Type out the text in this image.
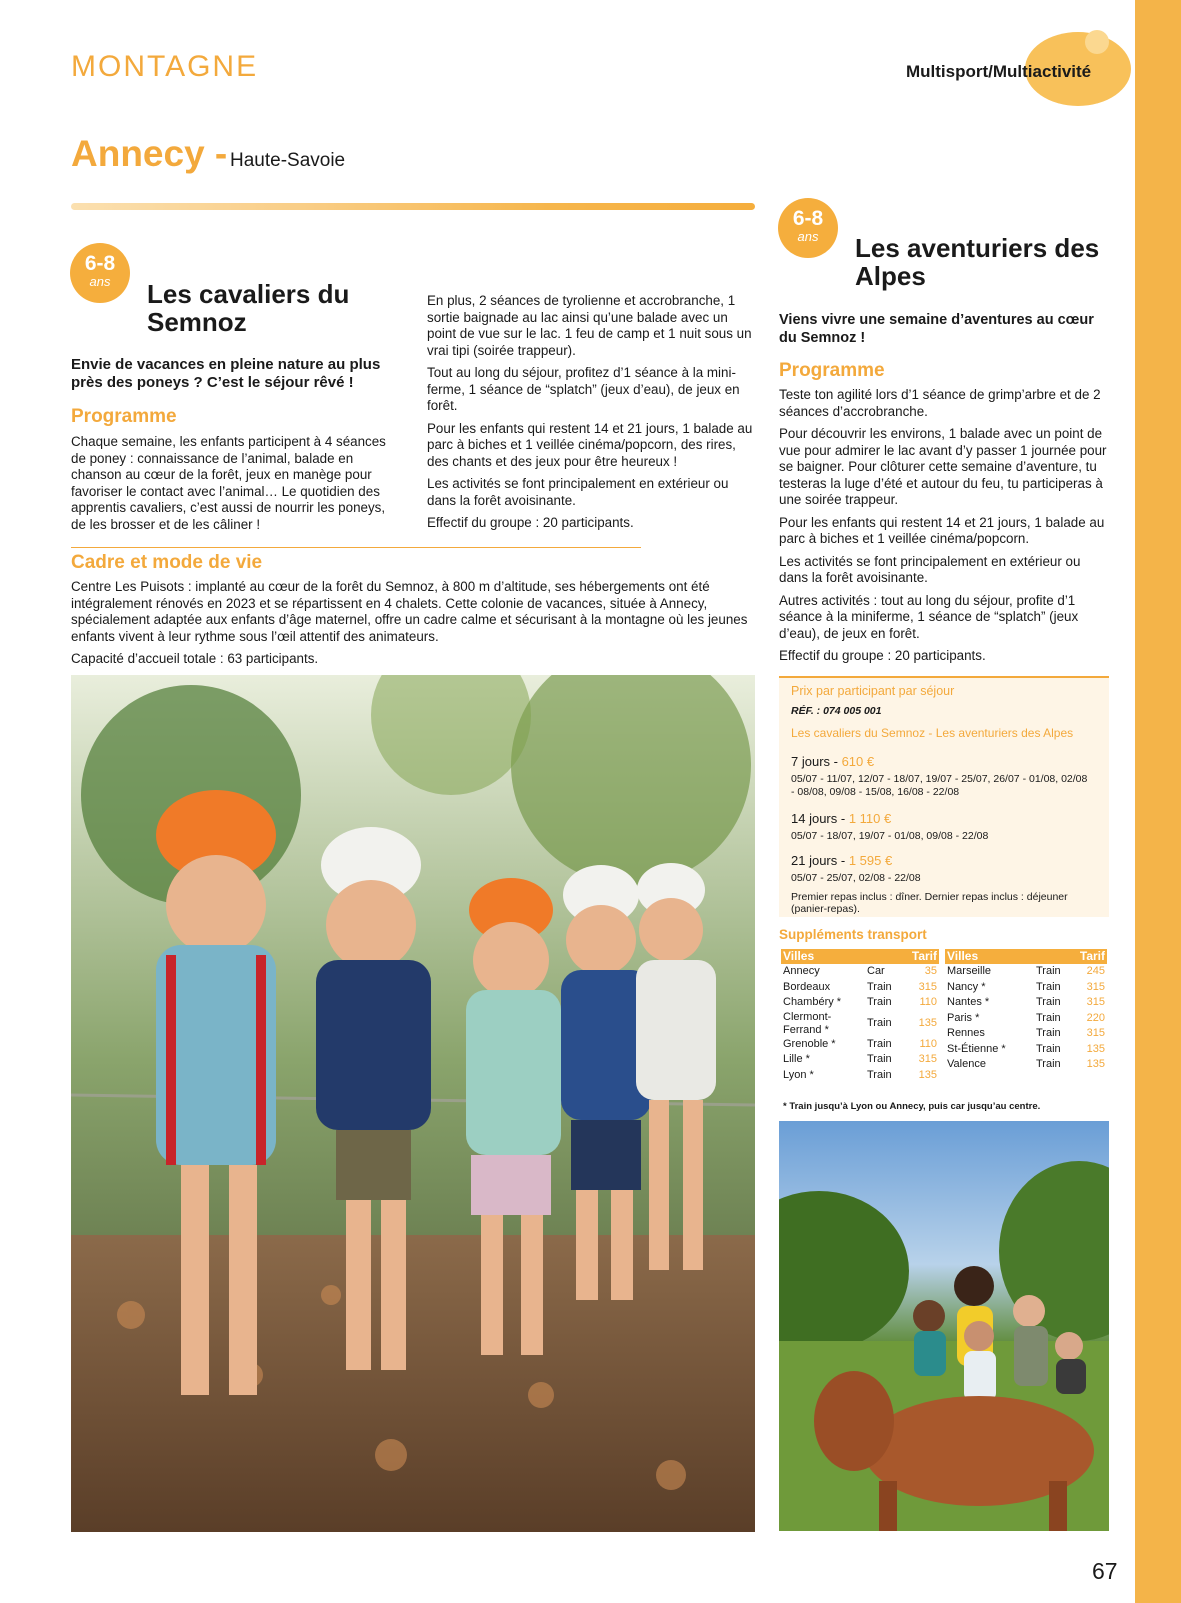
MONTAGNE	Multisport/Multiactivité
Annecy - Haute-Savoie
6-8
ans	Les cavaliers du Semnoz
Envie de vacances en pleine nature au plus près des poneys ? C’est le séjour rêvé !
Programme
Chaque semaine, les enfants participent à 4 séances de poney : connaissance de l’animal, balade en chanson au cœur de la forêt, jeux en manège pour favoriser le contact avec l’animal… Le quotidien des apprentis cavaliers, c’est aussi de nourrir les poneys, de les brosser et de les câliner !

En plus, 2 séances de tyrolienne et accrobranche, 1 sortie baignade au lac ainsi qu’une balade avec un point de vue sur le lac. 1 feu de camp et 1 nuit sous un vrai tipi (soirée trappeur).

Tout au long du séjour, profitez d’1 séance à la mini-ferme, 1 séance de “splatch” (jeux d’eau), de jeux en forêt.

Pour les enfants qui restent 14 et 21 jours, 1 balade au parc à biches et 1 veillée cinéma/popcorn, des rires, des chants et des jeux pour être heureux !

Les activités se font principalement en extérieur ou dans la forêt avoisinante.

Effectif du groupe : 20 participants.

Cadre et mode de vie
Centre Les Puisots : implanté au cœur de la forêt du Semnoz, à 800 m d’altitude, ses hébergements ont été intégralement rénovés en 2023 et se répartissent en 4 chalets. Cette colonie de vacances, située à Annecy, spécialement adaptée aux enfants d’âge maternel, offre un cadre calme et sécurisant à la montagne où les jeunes enfants vivent à leur rythme sous l’œil attentif des animateurs.
Capacité d’accueil totale : 63 participants.
6-8
ans	Les aventuriers des Alpes
Viens vivre une semaine d’aventures au cœur du Semnoz !
Programme

Teste ton agilité lors d’1 séance de grimp’arbre et de 2 séances d’accrobranche.

Pour découvrir les environs, 1 balade avec un point de vue pour admirer le lac avant d’y passer 1 journée pour se baigner. Pour clôturer cette semaine d’aventure, tu testeras la luge d’été et autour du feu, tu participeras à une soirée trappeur.

Pour les enfants qui restent 14 et 21 jours, 1 balade au parc à biches et 1 veillée cinéma/popcorn.

Les activités se font principalement en extérieur ou dans la forêt avoisinante.

Autres activités : tout au long du séjour, profite d’1 séance à la miniferme, 1 séance de “splatch” (jeux d’eau), de jeux en forêt.

Effectif du groupe : 20 participants.

Prix par participant par séjour
RÉF. : 074 005 001
Les cavaliers du Semnoz - Les aventuriers des Alpes
7 jours - 610 €
05/07 - 11/07, 12/07 - 18/07, 19/07 - 25/07, 26/07 - 01/08, 02/08 - 08/08, 09/08 - 15/08, 16/08 - 22/08
14 jours - 1 110 €
05/07 - 18/07, 19/07 - 01/08, 09/08 - 22/08
21 jours - 1 595 €
05/07 - 25/07, 02/08 - 22/08
Premier repas inclus : dîner. Dernier repas inclus : déjeuner (panier-repas).
Suppléments transport
Villes		Tarif
Annecy	Car	35
Bordeaux	Train	315
Chambéry *	Train	110
Clermont-Ferrand *	Train	135
Grenoble *	Train	110
Lille *	Train	315
Lyon *	Train	135
Villes		Tarif
Marseille	Train	245
Nancy *	Train	315
Nantes *	Train	315
Paris *	Train	220
Rennes	Train	315
St-Étienne *	Train	135
Valence	Train	135
* Train jusqu’à Lyon ou Annecy, puis car jusqu’au centre.
67
